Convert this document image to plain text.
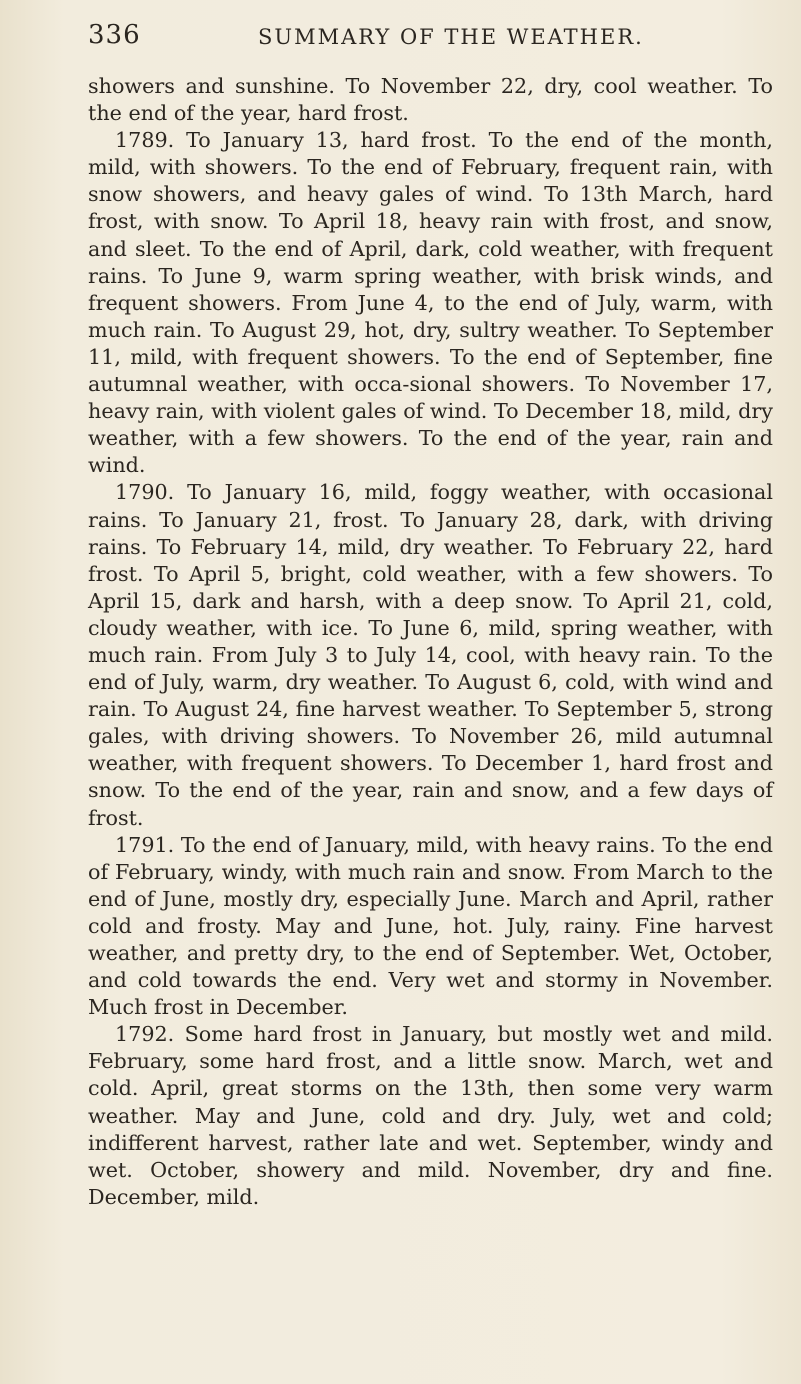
336	SUMMARY OF THE WEATHER.

showers and sunshine. To November 22, dry, cool weather. To the end of the year, hard frost.

1789. To January 13, hard frost. To the end of the month, mild, with showers. To the end of February, frequent rain, with snow showers, and heavy gales of wind. To 13th March, hard frost, with snow. To April 18, heavy rain with frost, and snow, and sleet. To the end of April, dark, cold weather, with frequent rains. To June 9, warm spring weather, with brisk winds, and frequent showers. From June 4, to the end of July, warm, with much rain. To August 29, hot, dry, sultry weather. To September 11, mild, with frequent showers. To the end of September, fine autumnal weather, with occa-sional showers. To November 17, heavy rain, with violent gales of wind. To December 18, mild, dry weather, with a few showers. To the end of the year, rain and wind.

1790. To January 16, mild, foggy weather, with occasional rains. To January 21, frost. To January 28, dark, with driving rains. To February 14, mild, dry weather. To February 22, hard frost. To April 5, bright, cold weather, with a few showers. To April 15, dark and harsh, with a deep snow. To April 21, cold, cloudy weather, with ice. To June 6, mild, spring weather, with much rain. From July 3 to July 14, cool, with heavy rain. To the end of July, warm, dry weather. To August 6, cold, with wind and rain. To August 24, fine harvest weather. To September 5, strong gales, with driving showers. To November 26, mild autumnal weather, with frequent showers. To December 1, hard frost and snow. To the end of the year, rain and snow, and a few days of frost.

1791. To the end of January, mild, with heavy rains. To the end of February, windy, with much rain and snow. From March to the end of June, mostly dry, especially June. March and April, rather cold and frosty. May and June, hot. July, rainy. Fine harvest weather, and pretty dry, to the end of September. Wet, October, and cold towards the end. Very wet and stormy in November. Much frost in December.

1792. Some hard frost in January, but mostly wet and mild. February, some hard frost, and a little snow. March, wet and cold. April, great storms on the 13th, then some very warm weather. May and June, cold and dry. July, wet and cold; indifferent harvest, rather late and wet. September, windy and wet. October, showery and mild. November, dry and fine. December, mild.
